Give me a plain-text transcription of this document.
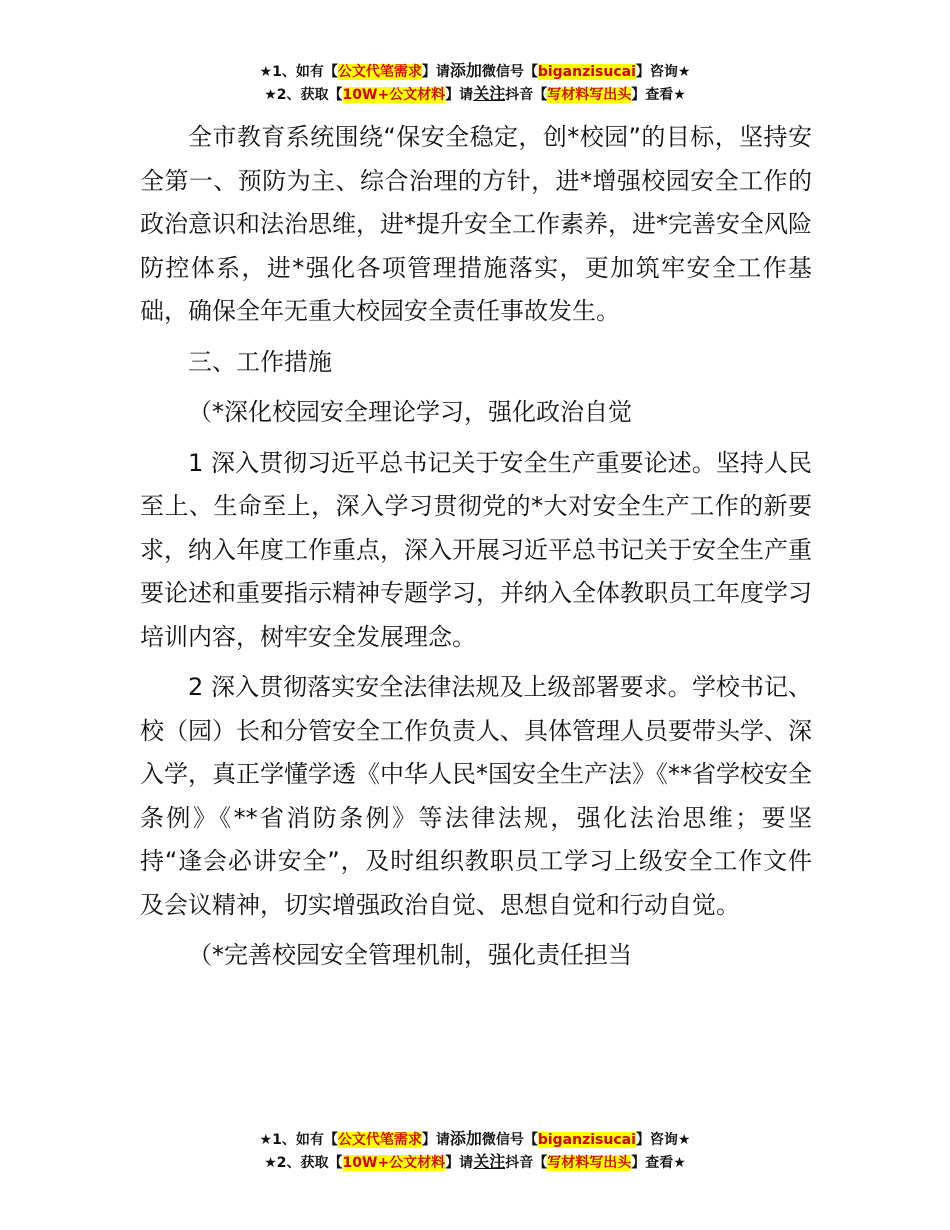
★1、如有【公文代笔需求】请添加微信号【biganzisucai】咨询★
★2、获取【10W+公文材料】请关注抖音【写材料写出头】查看★

全市教育系统围绕“保安全稳定，创*校园”的目标，坚持安全第一、预防为主、综合治理的方针，进*增强校园安全工作的政治意识和法治思维，进*提升安全工作素养，进*完善安全风险防控体系，进*强化各项管理措施落实，更加筑牢安全工作基础，确保全年无重大校园安全责任事故发生。

三、工作措施

（*深化校园安全理论学习，强化政治自觉

1 深入贯彻习近平总书记关于安全生产重要论述。坚持人民至上、生命至上，深入学习贯彻党的*大对安全生产工作的新要求，纳入年度工作重点，深入开展习近平总书记关于安全生产重要论述和重要指示精神专题学习，并纳入全体教职员工年度学习培训内容，树牢安全发展理念。

2 深入贯彻落实安全法律法规及上级部署要求。学校书记、校（园）长和分管安全工作负责人、具体管理人员要带头学、深入学，真正学懂学透《中华人民*国安全生产法》《**省学校安全条例》《**省消防条例》等法律法规，强化法治思维；要坚持“逢会必讲安全”，及时组织教职员工学习上级安全工作文件及会议精神，切实增强政治自觉、思想自觉和行动自觉。

（*完善校园安全管理机制，强化责任担当

★1、如有【公文代笔需求】请添加微信号【biganzisucai】咨询★
★2、获取【10W+公文材料】请关注抖音【写材料写出头】查看★
